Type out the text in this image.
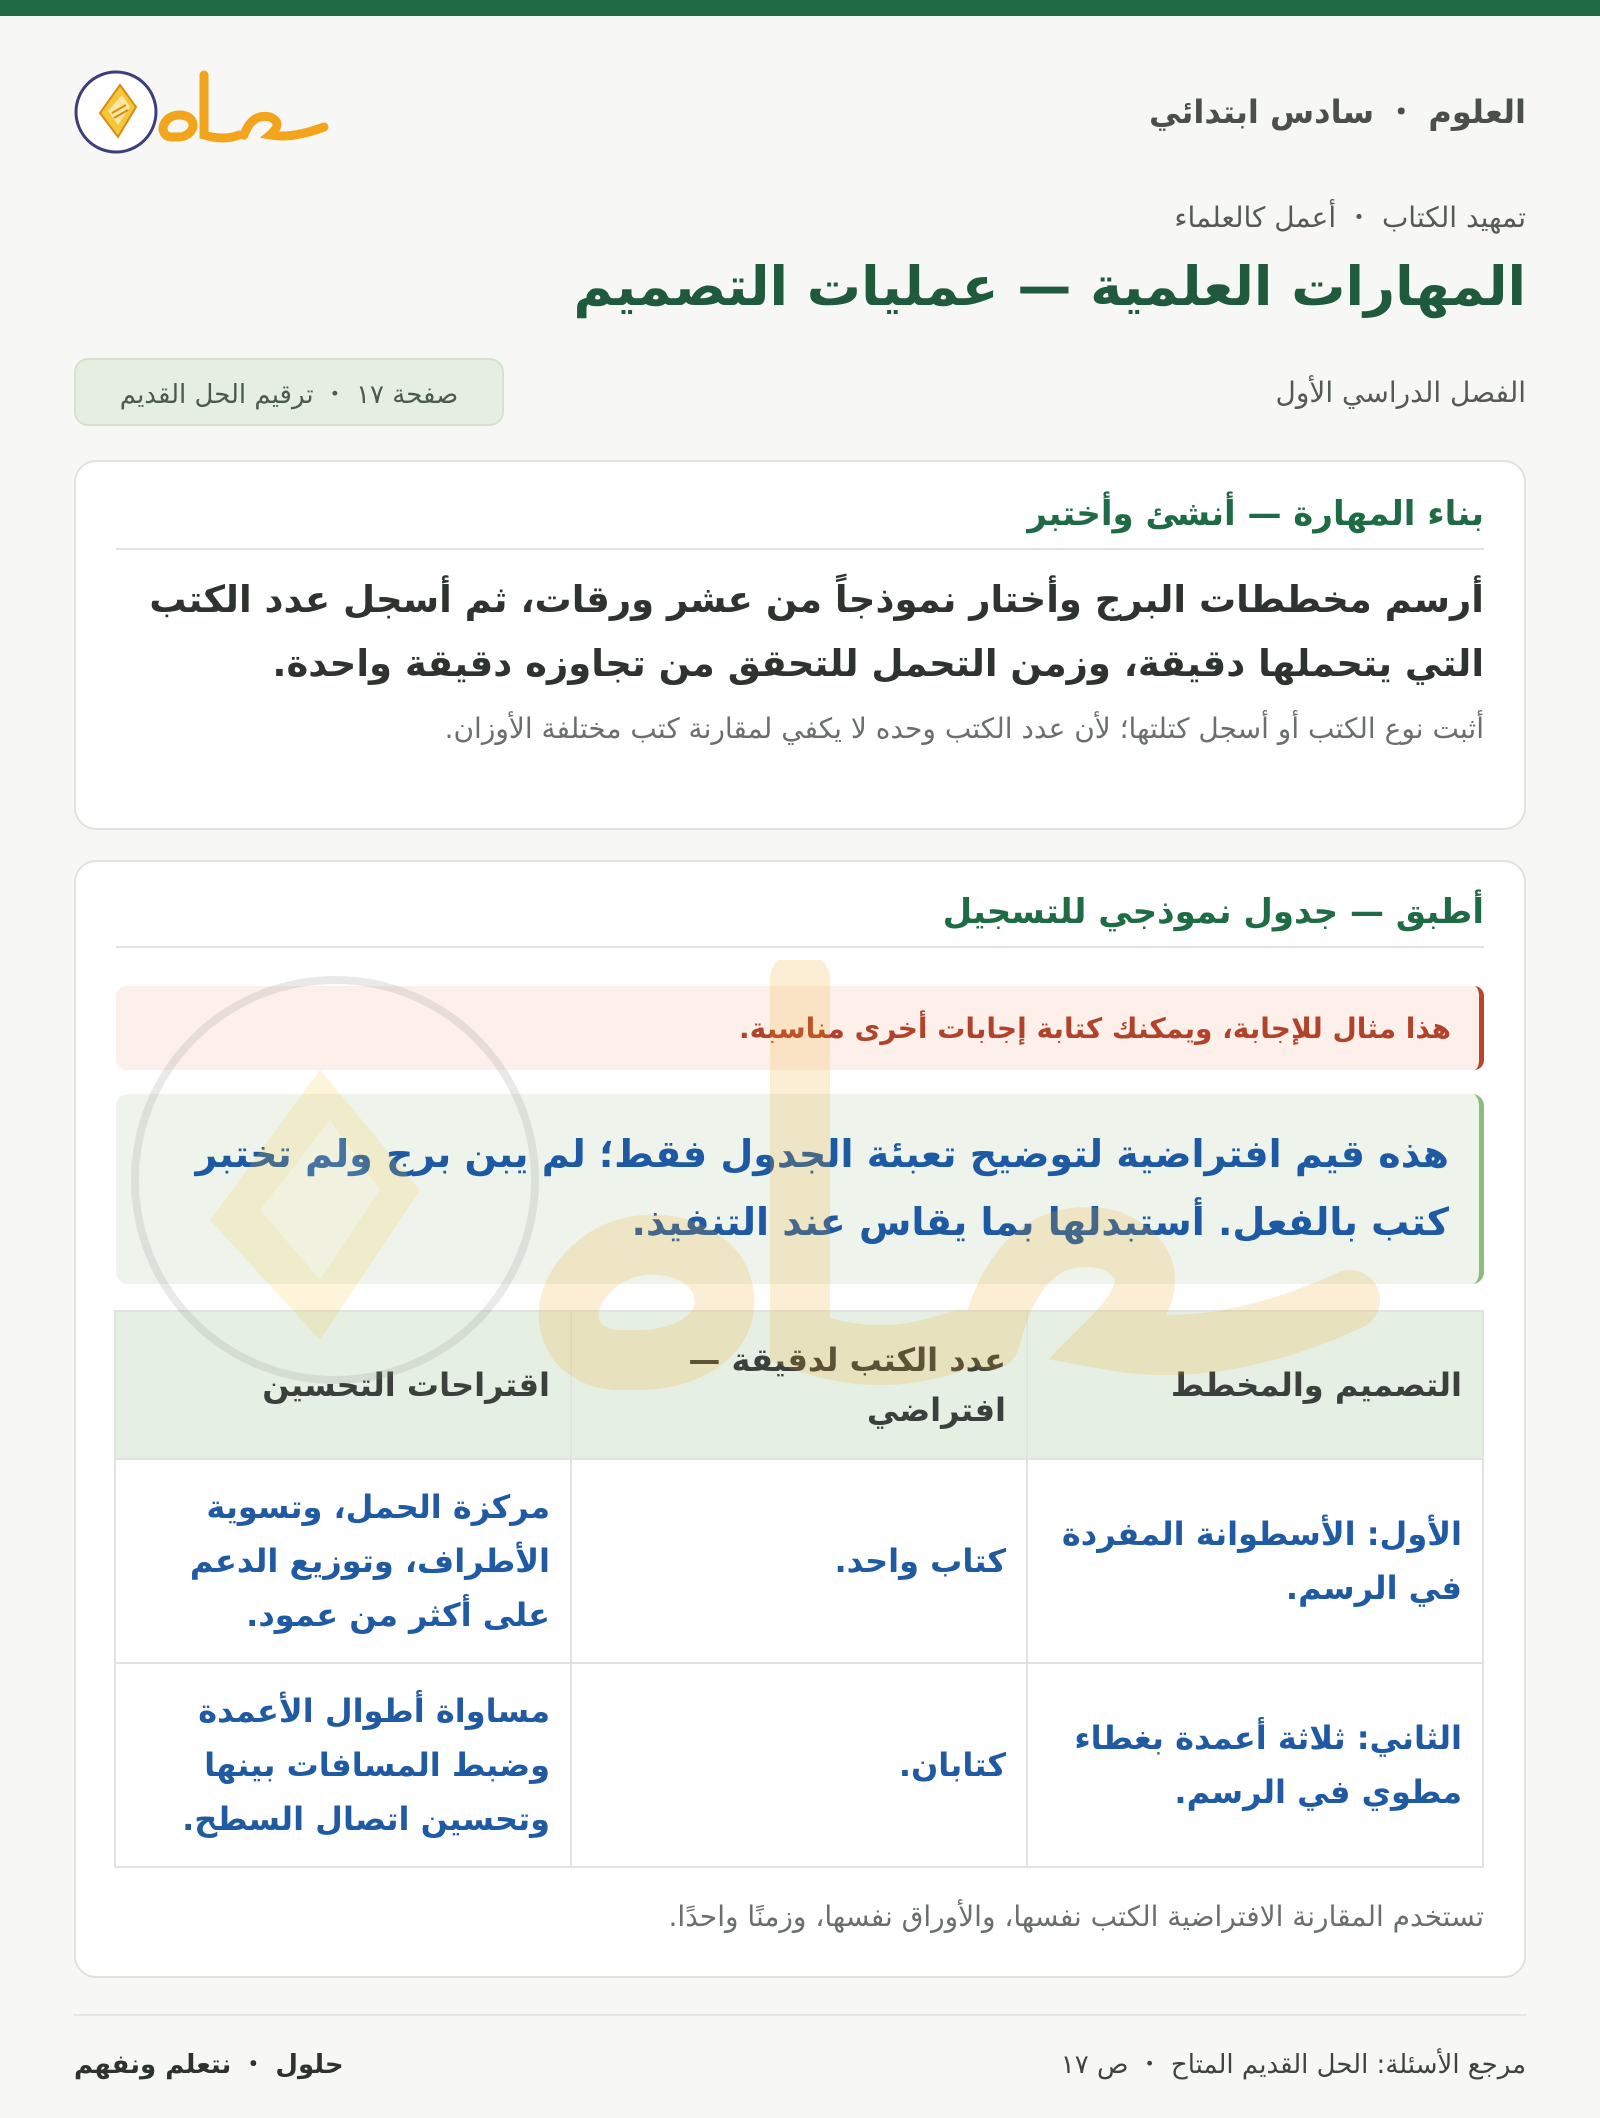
العلوم ・ سادس ابتدائي
تمهيد الكتاب ・ أعمل كالعلماء
المهارات العلمية — عمليات التصميم
الفصل الدراسي الأول
صفحة ١٧ ・ ترقيم الحل القديم
بناء المهارة — أنشئ وأختبر
أرسم مخططات البرج وأختار نموذجاً من عشر ورقات، ثم أسجل عدد الكتب التي يتحملها دقيقة، وزمن التحمل للتحقق من تجاوزه دقيقة واحدة.
أثبت نوع الكتب أو أسجل كتلتها؛ لأن عدد الكتب وحده لا يكفي لمقارنة كتب مختلفة الأوزان.
أطبق — جدول نموذجي للتسجيل
هذا مثال للإجابة، ويمكنك كتابة إجابات أخرى مناسبة.
هذه قيم افتراضية لتوضيح تعبئة الجدول فقط؛ لم يبن برج ولم تختبر كتب بالفعل. أستبدلها بما يقاس عند التنفيذ.
التصميم والمخطط	عدد الكتب لدقيقة — افتراضي	اقتراحات التحسين
الأول: الأسطوانة المفردة في الرسم.	كتاب واحد.	مركزة الحمل، وتسوية الأطراف، وتوزيع الدعم على أكثر من عمود.
الثاني: ثلاثة أعمدة بغطاء مطوي في الرسم.	كتابان.	مساواة أطوال الأعمدة وضبط المسافات بينها وتحسين اتصال السطح.
تستخدم المقارنة الافتراضية الكتب نفسها، والأوراق نفسها، وزمنًا واحدًا.
مرجع الأسئلة: الحل القديم المتاح ・ ص ١٧
حلول ・ نتعلم ونفهم
